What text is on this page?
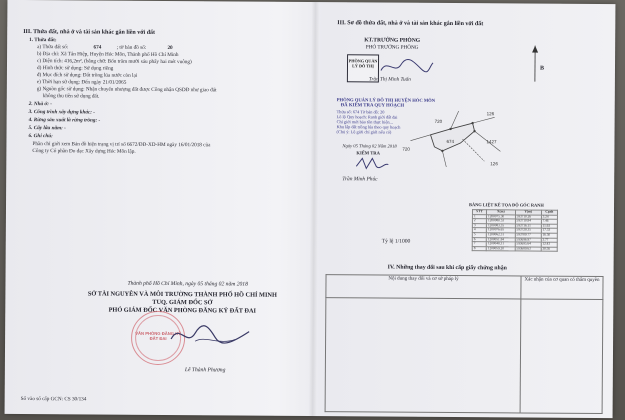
III. Thửa đất, nhà ở và tài sản khác gắn liền với đất
1. Thửa đất:
a) Thửa đất số:	674	; tờ bản đồ số:	20
b) Địa chỉ: Xã Tân Hiệp, Huyện Hóc Môn, Thành phố Hồ Chí Minh
c) Diện tích: 416,2m², (bằng chữ: Bốn trăm mười sáu phẩy hai mét vuông)
d) Hình thức sử dụng: Sử dụng riêng
đ) Mục đích sử dụng: Đất trồng lúa nước còn lại
e) Thời hạn sử dụng: Đến ngày 21/01/2065
g) Nguồn gốc sử dụng: Nhận chuyển nhượng đất được Công nhận QSDĐ như giao đất
không thu tiền sử dụng đất.
2. Nhà ở: -
3. Công trình xây dựng khác: -
4. Rừng sản xuất là rừng trồng: -
5. Cây lâu năm: -
6. Ghi chú:
Phần chỉ giới xem Bản đồ hiện trạng vị trí số 6672/ĐĐ-XD-HM ngày 16/01/2018 của
Công ty Cổ phần Đo đạc Xây dựng Hóc Môn lập.
Thành phố Hồ Chí Minh, ngày 05 tháng 02 năm 2018
SỞ TÀI NGUYÊN VÀ MÔI TRƯỜNG THÀNH PHỐ HỒ CHÍ MINH
TUQ. GIÁM ĐỐC SỞ
PHÓ GIÁM ĐỐC VĂN PHÒNG ĐĂNG KÝ ĐẤT ĐAI
VĂN PHÒNG ĐĂNG KÝ ĐẤT ĐAI
Lê Thành Phương
Số vào sổ cấp GCN: CS 30/134
III. Sơ đồ thửa đất, nhà ở và tài sản khác gắn liền với đất
KT.TRƯỞNG PHÒNG
PHÓ TRƯỞNG PHÒNG
PHÒNG QUẢN LÝ ĐÔ THỊ
Trần Thị Minh Tuấn
PHÒNG QUẢN LÝ ĐÔ THỊ HUYỆN HÓC MÔN
ĐÃ KIỂM TRA QUY HOẠCH
Thửa số: 674 Tờ bản đồ: 20
Lô lộ Quy hoạch: Ranh giới đất đai
Chỉ giới mới bảo tồn thực hiện...
Khu lắp đất trồng lúa theo quy hoạch
(Chủ ý: Lộ giới chỉ giới nếu có)
Ngày 05 Tháng 02 Năm 2018
KIỂM TRA
Trần Minh Phúc
Tỷ lệ 1/1000
B
720
674
720
126
1427
126
BẢNG LIỆT KÊ TỌA ĐỘ GÓC RANH
STT	X(m)	Y(m)	Cạnh
1	1200075.30	593710.26	3.24
2	1200080.53	593710.84	7.46
3	1200083.35	593716.11	11.92
4	1200076.65	593720.35	17.33
5	1200062.31	593709.77	16.50
6	1200051.84	593696.97	3.77
7	1200048.31	593695.64	12.43
8	1200059.20	593689.63	30.56
IV. Những thay đổi sau khi cấp giấy chứng nhận
Nội dung thay đổi và cơ sở pháp lý	Xác nhận của cơ quan có thẩm quyền
